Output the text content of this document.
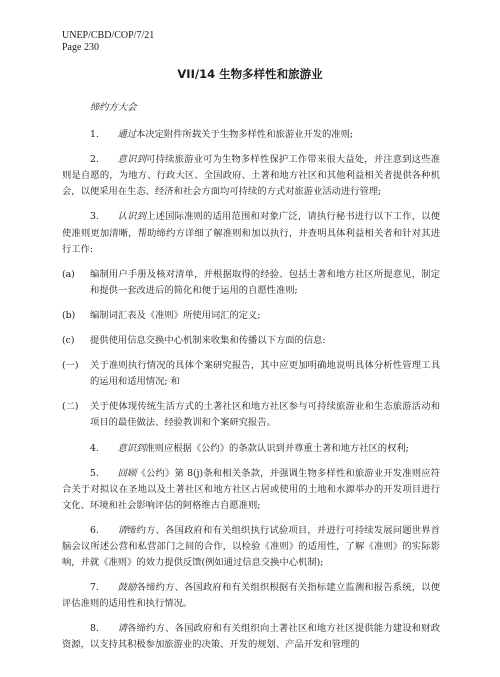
UNEP/CBD/COP/7/21
Page 230
VII/14 生物多样性和旅游业
缔约方大会

1.   通过本决定附件所载关于生物多样性和旅游业开发的准则;

2.   意识到可持续旅游业可为生物多样性保护工作带来很大益处，并注意到这些准则是自愿的，为地方、行政大区、全国政府、土著和地方社区和其他利益相关者提供各种机会，以便采用在生态、经济和社会方面均可持续的方式对旅游业活动进行管理;

3.   认识到上述国际准则的适用范围和对象广泛，请执行秘书进行以下工作，以便使准则更加清晰，帮助缔约方详细了解准则和加以执行，并查明具体利益相关者和针对其进行工作:

(a)	编制用户手册及核对清单，并根据取得的经验、包括土著和地方社区所提意见，制定和提供一套改进后的简化和便于运用的自愿性准则;
(b)	编制词汇表及《准则》所使用词汇的定义;
(c)	提供使用信息交换中心机制来收集和传播以下方面的信息:
(一)	关于准则执行情况的具体个案研究报告，其中应更加明确地说明具体分析性管理工具的运用和适用情况; 和
(二)	关于使体现传统生活方式的土著社区和地方社区参与可持续旅游业和生态旅游活动和项目的最佳做法、经验教训和个案研究报告。

4.   意识到准则应根据《公约》的条款认识到并尊重土著和地方社区的权利;

5.   回顾《公约》第 8(j)条和相关条款，并强调生物多样性和旅游业开发准则应符合关于对拟议在圣地以及土著社区和地方社区占居或使用的土地和水源举办的开发项目进行文化、环境和社会影响评估的阿格维古自愿准则;

6.   请缔约方、各国政府和有关组织执行试验项目，并进行可持续发展问题世界首脑会议所述公营和私营部门之间的合作，以检验《准则》的适用性，了解《准则》的实际影响，并就《准则》的效力提供反馈(例如通过信息交换中心机制);

7.   鼓励各缔约方、各国政府和有关组织根据有关指标建立监测和报告系统，以便评估准则的适用性和执行情况。

8.   请各缔约方、各国政府和有关组织向土著社区和地方社区提供能力建设和财政资源，以支持其积极参加旅游业的决策、开发的规划、产品开发和管理的
